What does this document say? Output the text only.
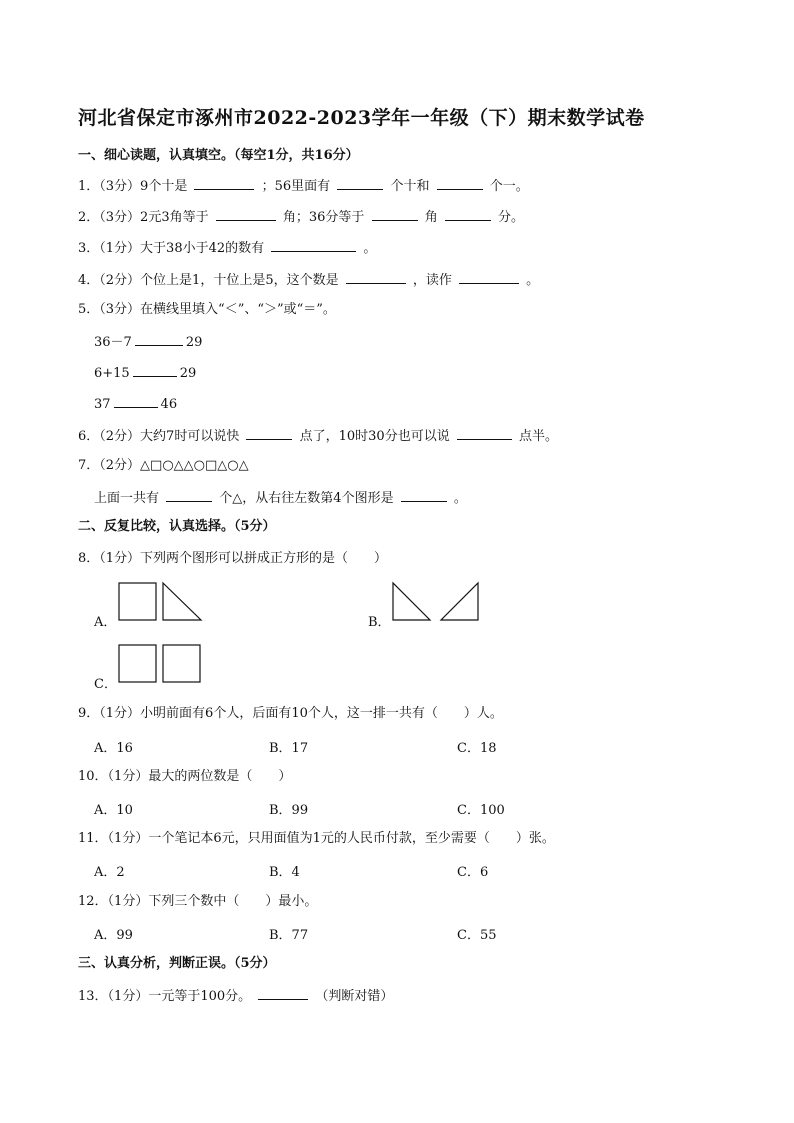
河北省保定市涿州市2022-2023学年一年级（下）期末数学试卷
一、细心读题，认真填空。（每空1分，共16分）
1．（3分）9个十是	；56里面有	个十和	个一。
2．（3分）2元3角等于	角；36分等于	角	分。
3．（1分）大于38小于42的数有	。
4．（2分）个位上是1，十位上是5，这个数是	，读作	。
5．（3分）在横线里填入“＜”、“＞”或“＝”。
36－7	29
6+15	29
37	46
6．（2分）大约7时可以说快	点了，10时30分也可以说	点半。
7．（2分）△□○△△○□△○△
上面一共有	个△，从右往左数第4个图形是	。
二、反复比较，认真选择。（5分）
8．（1分）下列两个图形可以拼成正方形的是（　　）
A．	B．
C．
9．（1分）小明前面有6个人，后面有10个人，这一排一共有（　　）人。
A．16	B．17	C．18
10．（1分）最大的两位数是（　　）
A．10	B．99	C．100
11．（1分）一个笔记本6元，只用面值为1元的人民币付款，至少需要（　　）张。
A．2	B．4	C．6
12．（1分）下列三个数中（　　）最小。
A．99	B．77	C．55
三、认真分析，判断正误。（5分）
13．（1分）一元等于100分。	（判断对错）
